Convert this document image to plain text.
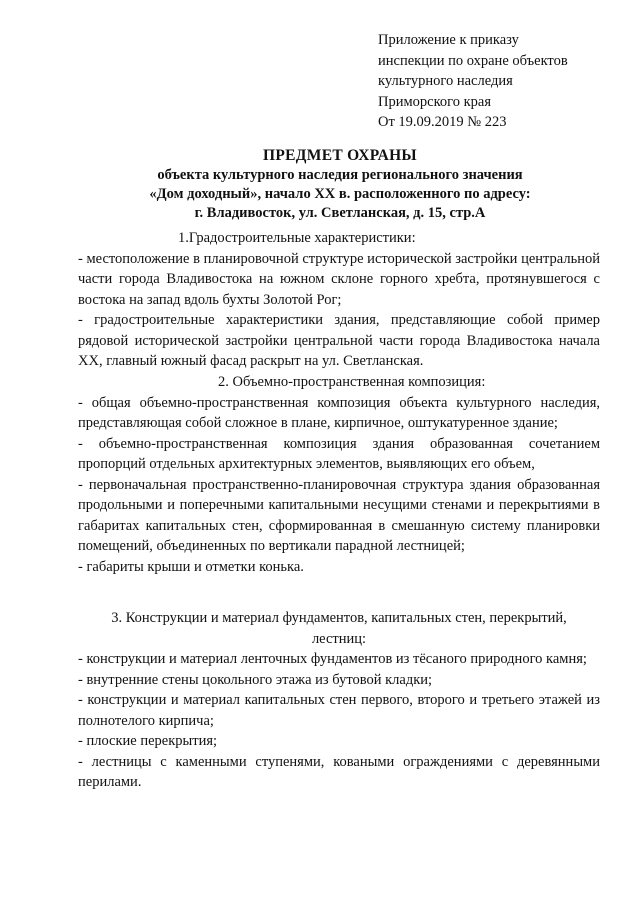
Приложение к приказу
инспекции по охране объектов
культурного наследия
Приморского края
От 19.09.2019 № 223
ПРЕДМЕТ ОХРАНЫ
объекта культурного наследия регионального значения
«Дом доходный», начало XX в. расположенного по адресу:
г. Владивосток, ул. Светланская, д. 15, стр.А
1.Градостроительные характеристики:
- местоположение в планировочной структуре исторической застройки центральной части города Владивостока на южном склоне горного хребта, протянувшегося с востока на запад вдоль бухты Золотой Рог;
- градостроительные характеристики здания, представляющие собой пример рядовой исторической застройки центральной части города Владивостока начала XX, главный южный фасад раскрыт на ул. Светланская.
2. Объемно-пространственная композиция:
- общая объемно-пространственная композиция объекта культурного наследия, представляющая собой сложное в плане, кирпичное, оштукатуренное здание;
- объемно-пространственная композиция здания образованная сочетанием пропорций отдельных архитектурных элементов, выявляющих его объем,
- первоначальная пространственно-планировочная структура здания образованная продольными и поперечными капитальными несущими стенами и перекрытиями в габаритах капитальных стен, сформированная в смешанную систему планировки помещений, объединенных по вертикали парадной лестницей;
- габариты крыши и отметки конька.
3. Конструкции и материал фундаментов, капитальных стен, перекрытий, лестниц:
- конструкции и материал ленточных фундаментов из тёсаного природного камня;
- внутренние стены цокольного этажа из бутовой кладки;
- конструкции и материал капитальных стен первого, второго и третьего этажей из полнотелого кирпича;
- плоские перекрытия;
- лестницы с каменными ступенями, коваными ограждениями с деревянными перилами.
